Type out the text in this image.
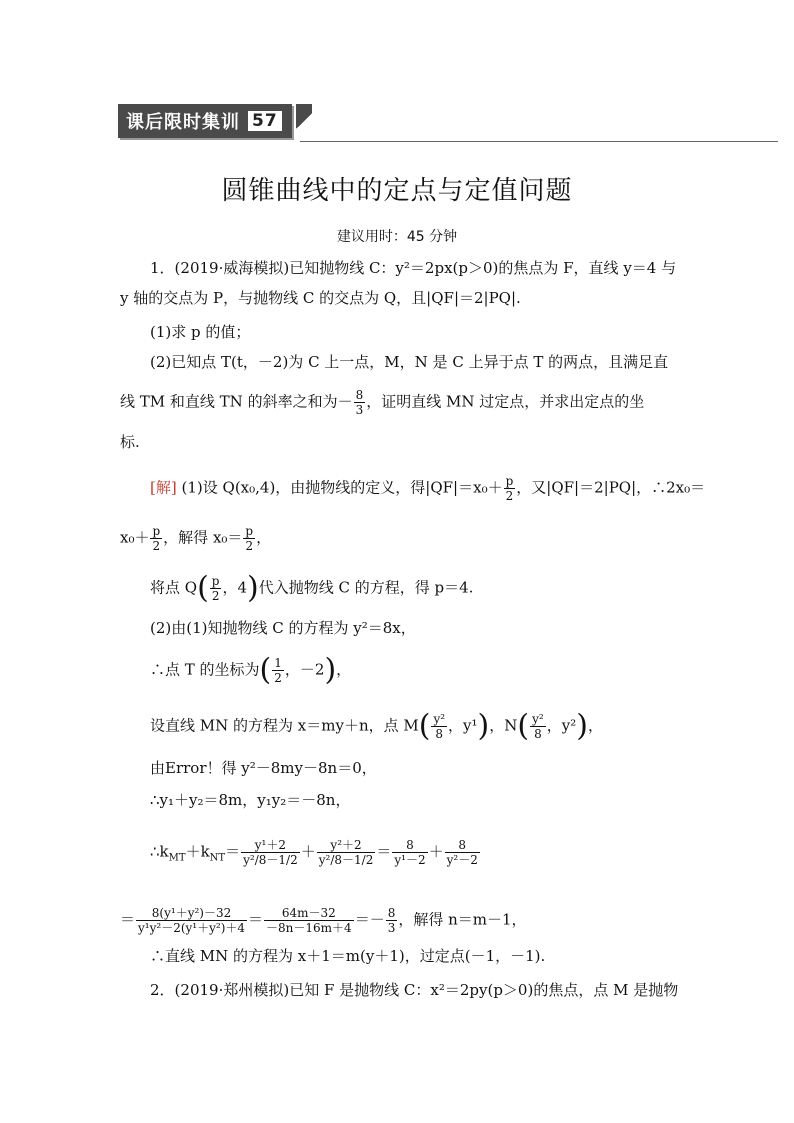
课后限时集训 57
圆锥曲线中的定点与定值问题
建议用时：45 分钟
1．(2019·威海模拟)已知抛物线 C：y²＝2px(p＞0)的焦点为 F，直线 y＝4 与
y 轴的交点为 P，与抛物线 C 的交点为 Q，且|QF|＝2|PQ|.
(1)求 p 的值；
(2)已知点 T(t，－2)为 C 上一点，M，N 是 C 上异于点 T 的两点，且满足直
线 TM 和直线 TN 的斜率之和为－ $\frac{8}{3}$ ，证明直线 MN 过定点，并求出定点的坐
标.
[解] (1)设 Q(x₀,4)，由抛物线的定义，得$|QF|=x_0+ \frac{p}{2}$ ，又|QF|＝2|PQ|，∴2x₀＝
$x_0+ \frac{p}{2}$ ，解得 $x_0= \frac{p}{2}$ ，
将点 $Q( \frac{p}{2}$ ，4)代入抛物线 C 的方程，得 p＝4.
(2)由(1)知抛物线 C 的方程为 y²＝8x，
∴点 T 的坐标为( $\frac{1}{2}$ ，－2)，
设直线 MN 的方程为 x＝my＋n，点 $M( \frac{\text{y²}}{8}$ ，y¹)，$N( \frac{\text{y²}}{8}$ ，y²)，
由Error！得 y²－8my－8n＝0，
∴y₁＋y₂＝8m，y₁y₂＝－8n，
$\therefore k_{MT}+k_{NT}= \frac{\text{y¹＋2}}{\text{y²/8－1/2}} + \frac{\text{y²＋2}}{\text{y²/8－1/2}} = \frac{8}{\text{y¹－2}} + \frac{8}{\text{y²－2}}$
＝ $\frac{\text{8(y¹＋y²)－32}}{\text{y¹y²－2(y¹＋y²)＋4}} = \frac{64m-32}{-8n-16m+4} =- \frac{8}{3}$ ，解得 n＝m－1，
∴直线 MN 的方程为 x＋1＝m(y＋1)，过定点(－1，－1).
2．(2019·郑州模拟)已知 F 是抛物线 C：x²＝2py(p＞0)的焦点，点 M 是抛物
